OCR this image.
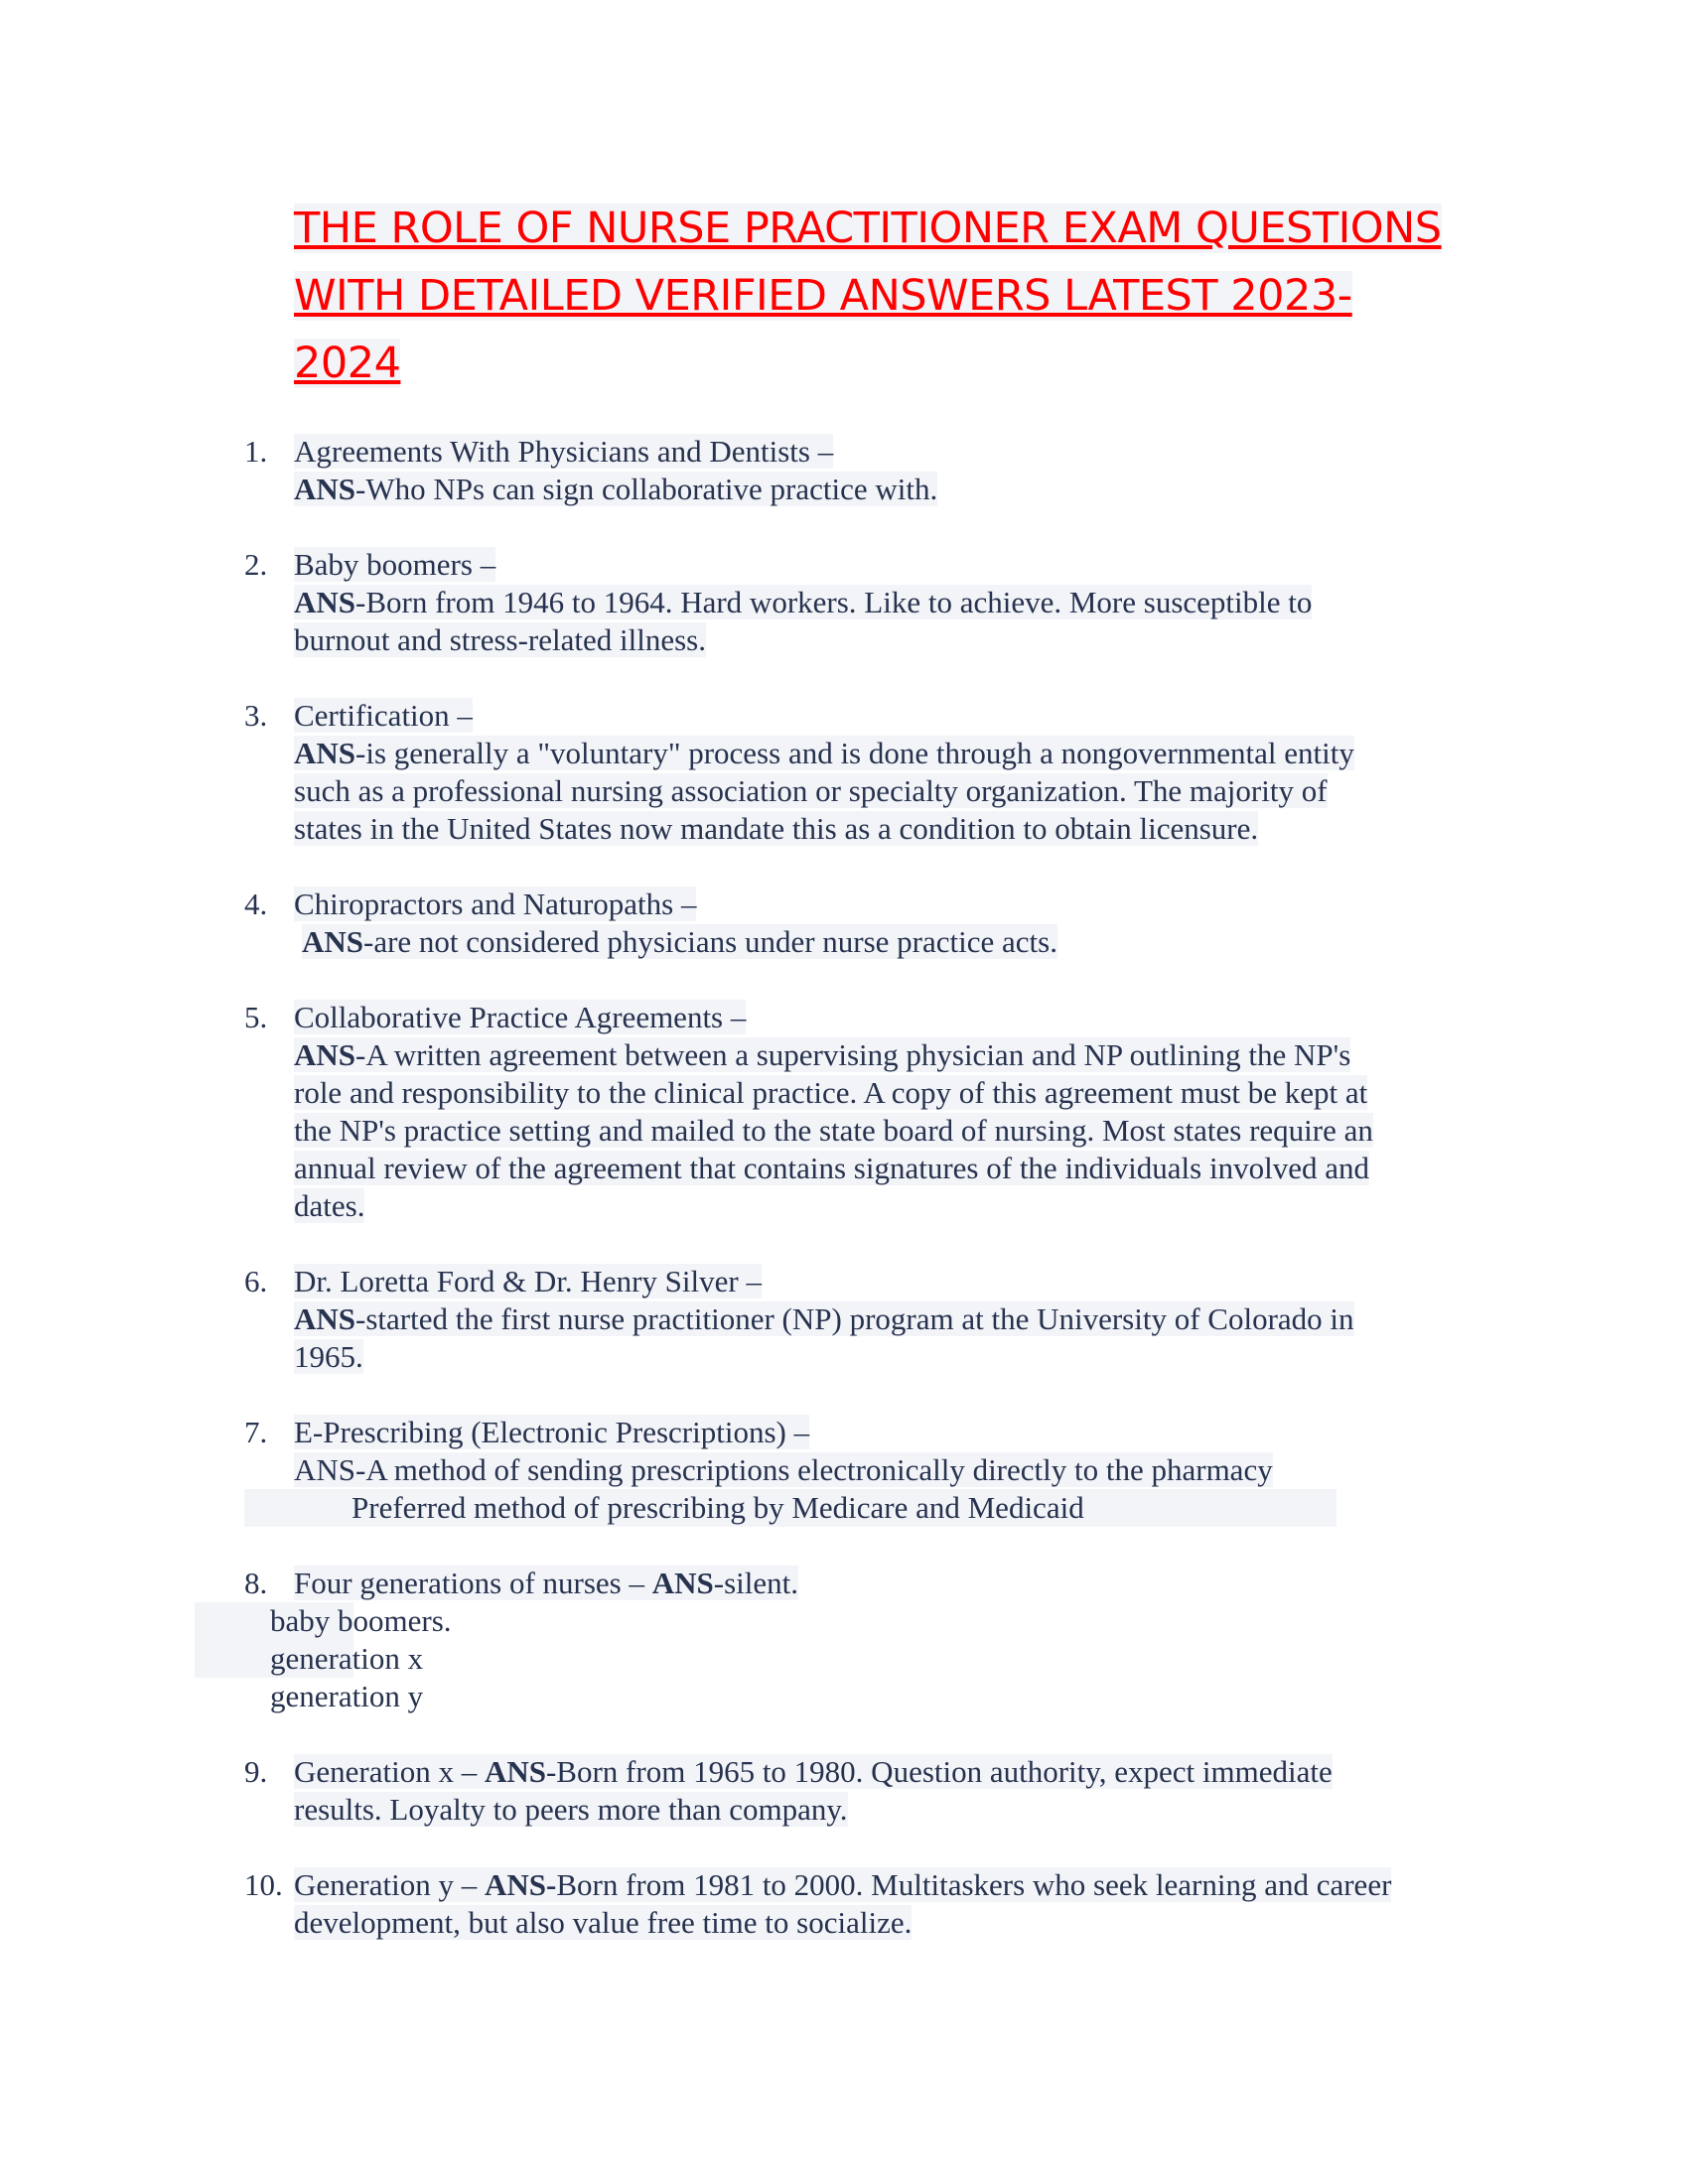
THE ROLE OF NURSE PRACTITIONER EXAM QUESTIONS
WITH DETAILED VERIFIED ANSWERS LATEST 2023-
2024
1. Agreements With Physicians and Dentists –
ANS-Who NPs can sign collaborative practice with.
2. Baby boomers –
ANS-Born from 1946 to 1964. Hard workers. Like to achieve. More susceptible to
burnout and stress-related illness.
3. Certification –
ANS-is generally a "voluntary" process and is done through a nongovernmental entity
such as a professional nursing association or specialty organization. The majority of
states in the United States now mandate this as a condition to obtain licensure.
4. Chiropractors and Naturopaths –
ANS-are not considered physicians under nurse practice acts.
5. Collaborative Practice Agreements –
ANS-A written agreement between a supervising physician and NP outlining the NP's
role and responsibility to the clinical practice. A copy of this agreement must be kept at
the NP's practice setting and mailed to the state board of nursing. Most states require an
annual review of the agreement that contains signatures of the individuals involved and
dates.
6. Dr. Loretta Ford & Dr. Henry Silver –
ANS-started the first nurse practitioner (NP) program at the University of Colorado in
1965.
7. E-Prescribing (Electronic Prescriptions) –
ANS-A method of sending prescriptions electronically directly to the pharmacy
Preferred method of prescribing by Medicare and Medicaid
8. Four generations of nurses – ANS-silent.
baby boomers.
generation x
generation y
9. Generation x – ANS-Born from 1965 to 1980. Question authority, expect immediate
results. Loyalty to peers more than company.
10. Generation y – ANS-Born from 1981 to 2000. Multitaskers who seek learning and career
development, but also value free time to socialize.
